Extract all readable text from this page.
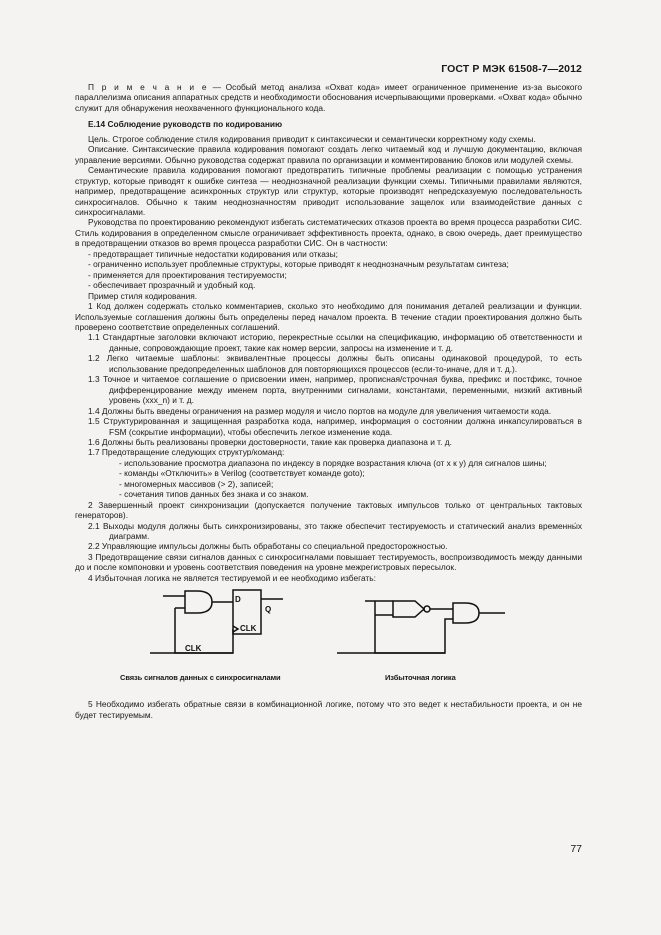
ГОСТ Р МЭК 61508-7—2012

П р и м е ч а н и е — Особый метод анализа «Охват кода» имеет ограниченное применение из-за высокого параллелизма описания аппаратных средств и необходимости обоснования исчерпывающими проверками. «Охват кода» обычно служит для обнаружения неохваченного функционального кода.

Е.14 Соблюдение руководств по кодированию

Цель. Строгое соблюдение стиля кодирования приводит к синтаксически и семантически корректному коду схемы.

Описание. Синтаксические правила кодирования помогают создать легко читаемый код и лучшую документацию, включая управление версиями. Обычно руководства содержат правила по организации и комментированию блоков или модулей схемы.

Семантические правила кодирования помогают предотвратить типичные проблемы реализации с помощью устранения структур, которые приводят к ошибке синтеза — неоднозначной реализации функции схемы. Типичными правилами являются, например, предотвращение асинхронных структур или структур, которые производят непредсказуемую последовательность синхросигналов. Обычно к таким неоднозначностям приводит использование защелок или взаимодействие данных с синхросигналами.

Руководства по проектированию рекомендуют избегать систематических отказов проекта во время процесса разработки СИС. Стиль кодирования в определенном смысле ограничивает эффективность проекта, однако, в свою очередь, дает преимущество в предотвращении отказов во время процесса разработки СИС. Он в частности:

- предотвращает типичные недостатки кодирования или отказы;

- ограниченно использует проблемные структуры, которые приводят к неоднозначным результатам синтеза;

- применяется для проектирования тестируемости;

- обеспечивает прозрачный и удобный код.

Пример стиля кодирования.

1 Код должен содержать столько комментариев, сколько это необходимо для понимания деталей реализации и функции. Используемые соглашения должны быть определены перед началом проекта. В течение стадии проектирования должно быть проверено соответствие определенных соглашений.

1.1 Стандартные заголовки включают историю, перекрестные ссылки на спецификацию, информацию об ответственности и данные, сопровождающие проект, такие как номер версии, запросы на изменение и т. д.

1.2 Легко читаемые шаблоны: эквивалентные процессы должны быть описаны одинаковой процедурой, то есть использование предопределенных шаблонов для повторяющихся процессов (если-то-иначе, для и т. д.).

1.3 Точное и читаемое соглашение о присвоении имен, например, прописная/строчная буква, префикс и постфикс, точное дифференцирование между именем порта, внутренними сигналами, константами, переменными, низкий активный уровень (xxx_n) и т. д.

1.4 Должны быть введены ограничения на размер модуля и число портов на модуле для увеличения читаемости кода.

1.5 Структурированная и защищенная разработка кода, например, информация о состоянии должна инкапсулироваться в FSM (сокрытие информации), чтобы обеспечить легкое изменение кода.

1.6 Должны быть реализованы проверки достоверности, такие как проверка диапазона и т. д.

1.7 Предотвращение следующих структур/команд:

- использование просмотра диапазона по индексу в порядке возрастания ключа (от x к y) для сигналов шины;

- команды «Отключить» в Verilog (соответствует команде goto);

- многомерных массивов (> 2), записей;

- сочетания типов данных без знака и со знаком.

2 Завершенный проект синхронизации (допускается получение тактовых импульсов только от центральных тактовых генераторов).

2.1 Выходы модуля должны быть синхронизированы, это также обеспечит тестируемость и статический анализ временны́х диаграмм.

2.2 Управляющие импульсы должны быть обработаны со специальной предосторожностью.

3 Предотвращение связи сигналов данных с синхросигналами повышает тестируемость, воспроизводимость между данными до и после компоновки и уровень соответствия поведения на уровне межрегистровых пересылок.

4 Избыточная логика не является тестируемой и ее необходимо избегать:

D
Q
CLK
CLK
Связь сигналов данных с синхросигналами	Избыточная логика

5 Необходимо избегать обратные связи в комбинационной логике, потому что это ведет к нестабильности проекта, и он не будет тестируемым.

77
